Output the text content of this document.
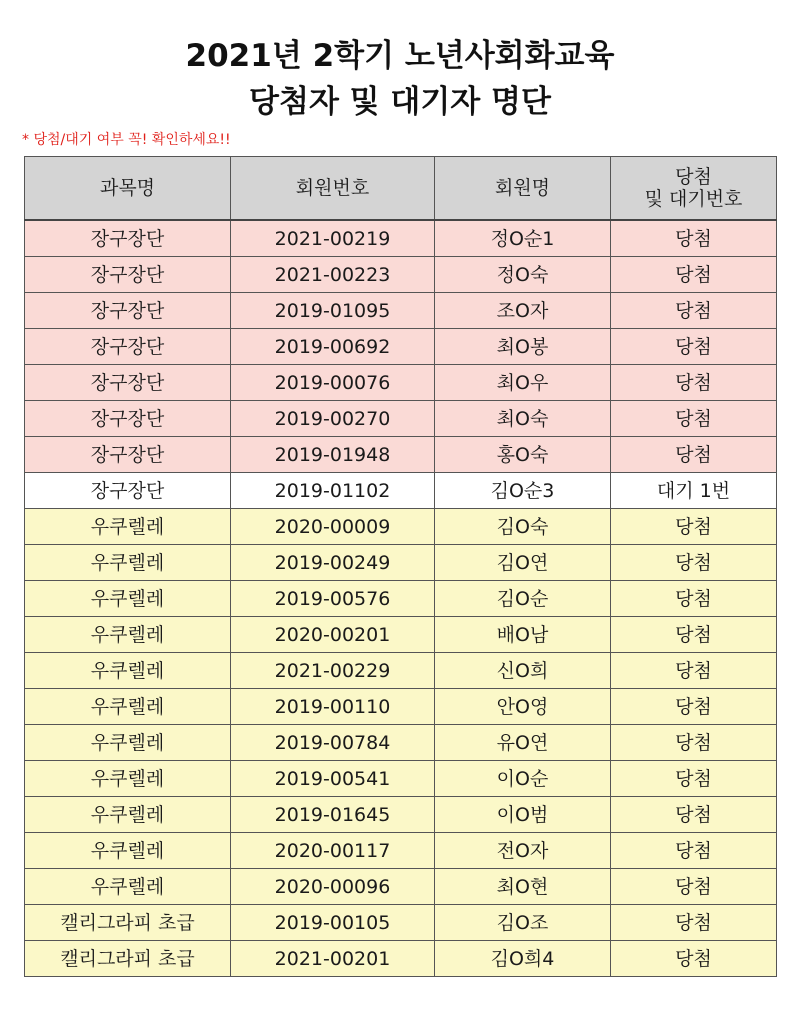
2021년 2학기 노년사회화교육
당첨자 및 대기자 명단
* 당첨/대기 여부 꼭! 확인하세요!!
과목명	회원번호	회원명	당첨
및 대기번호
장구장단	2021-00219	정O순1	당첨
장구장단	2021-00223	정O숙	당첨
장구장단	2019-01095	조O자	당첨
장구장단	2019-00692	최O봉	당첨
장구장단	2019-00076	최O우	당첨
장구장단	2019-00270	최O숙	당첨
장구장단	2019-01948	홍O숙	당첨
장구장단	2019-01102	김O순3	대기 1번
우쿠렐레	2020-00009	김O숙	당첨
우쿠렐레	2019-00249	김O연	당첨
우쿠렐레	2019-00576	김O순	당첨
우쿠렐레	2020-00201	배O남	당첨
우쿠렐레	2021-00229	신O희	당첨
우쿠렐레	2019-00110	안O영	당첨
우쿠렐레	2019-00784	유O연	당첨
우쿠렐레	2019-00541	이O순	당첨
우쿠렐레	2019-01645	이O범	당첨
우쿠렐레	2020-00117	전O자	당첨
우쿠렐레	2020-00096	최O현	당첨
캘리그라피 초급	2019-00105	김O조	당첨
캘리그라피 초급	2021-00201	김O희4	당첨
